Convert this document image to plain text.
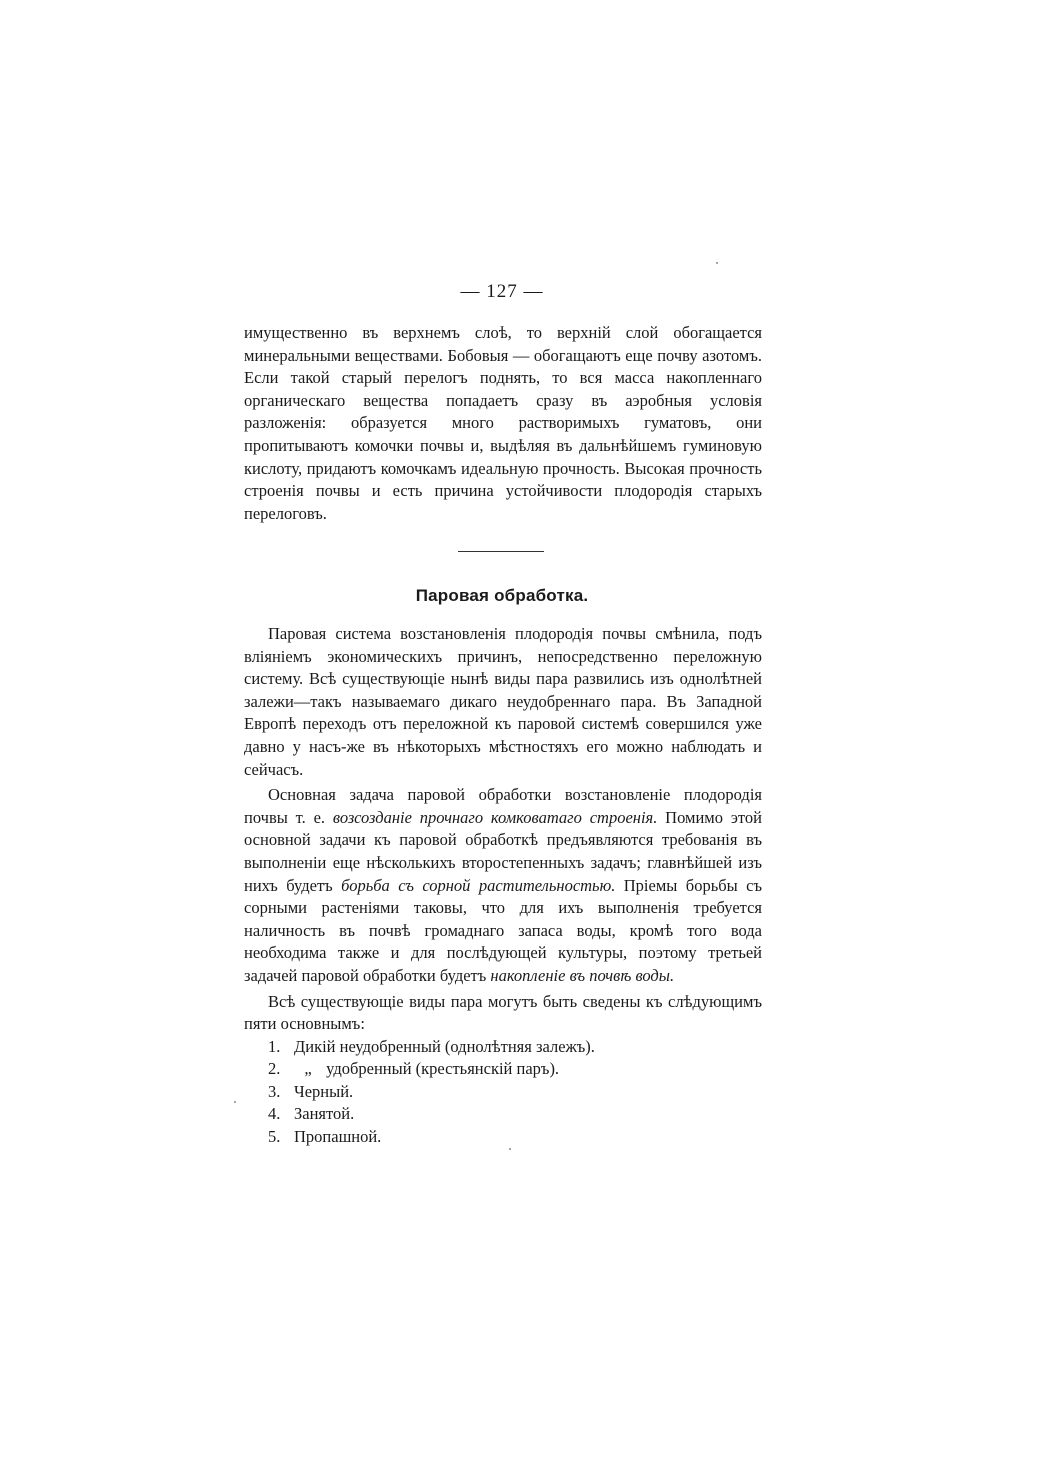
— 127 —

имущественно въ верхнемъ слоѣ, то верхній слой обогащается минеральными веществами. Бобовыя — обогащаютъ еще почву азотомъ. Если такой старый перелогъ поднять, то вся масса накопленнаго органическаго вещества попадаетъ сразу въ аэробныя условія разложенія: образуется много растворимыхъ гуматовъ, они пропитываютъ комочки почвы и, выдѣляя въ дальнѣйшемъ гуминовую кислоту, придаютъ комочкамъ идеальную прочность. Высокая прочность строенія почвы и есть причина устойчивости плодородія старыхъ перелоговъ.

Паровая обработка.

Паровая система возстановленія плодородія почвы смѣнила, подъ вліяніемъ экономическихъ причинъ, непосредственно переложную систему. Всѣ существующіе нынѣ виды пара развились изъ однолѣтней залежи—такъ называемаго дикаго неудобреннаго пара. Въ Западной Европѣ переходъ отъ переложной къ паровой системѣ совершился уже давно у насъ-же въ нѣкоторыхъ мѣстностяхъ его можно наблюдать и сейчасъ.

Основная задача паровой обработки возстановленіе плодородія почвы т. е. возсозданіе прочнаго комковатаго строенія. Помимо этой основной задачи къ паровой обработкѣ предъявляются требованія въ выполненіи еще нѣсколькихъ второстепенныхъ задачъ; главнѣйшей изъ нихъ будетъ борьба съ сорной растительностью. Пріемы борьбы съ сорными растеніями таковы, что для ихъ выполненія требуется наличность въ почвѣ громаднаго запаса воды, кромѣ того вода необходима также и для послѣдующей культуры, поэтому третьей задачей паровой обработки будетъ накопленіе въ почвѣ воды.

Всѣ существующіе виды пара могутъ быть сведены къ слѣдующимъ пяти основнымъ:

1. Дикій неудобренный (однолѣтняя залежъ).
2. „ удобренный (крестьянскій паръ).
3. Черный.
4. Занятой.
5. Пропашной.
